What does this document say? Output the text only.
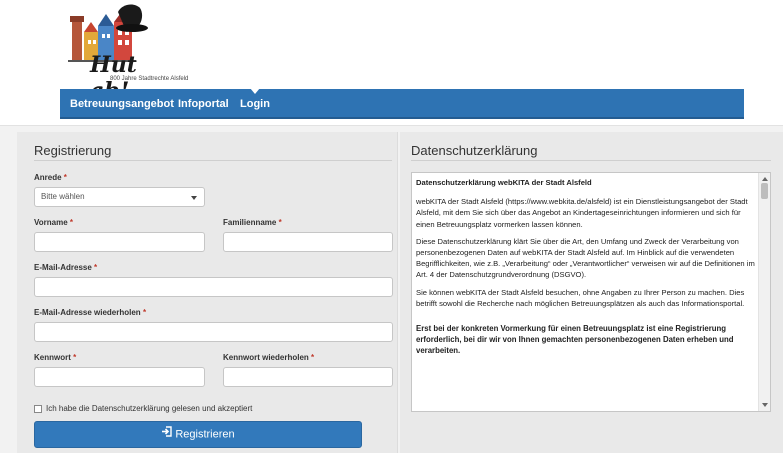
Hut
800 Jahre Stadtrechte Alsfeld
Betreuungsangebot Infoportal Login
Registrierung
Anrede *
Bitte wählen
Vorname *	Familienname *
E-Mail-Adresse *
E-Mail-Adresse wiederholen *
Kennwort *	Kennwort wiederholen *
Ich habe die Datenschutzerklärung gelesen und akzeptiert
Registrieren
Datenschutzerklärung

Datenschutzerklärung webKITA der Stadt Alsfeld

webKITA der Stadt Alsfeld (https://www.webkita.de/alsfeld) ist ein Dienstleistungsangebot der Stadt Alsfeld, mit dem Sie sich über das Angebot an Kindertageseinrichtungen informieren und sich für einen Betreuungsplatz vormerken lassen können.

Diese Datenschutzerklärung klärt Sie über die Art, den Umfang und Zweck der Verarbeitung von personenbezogenen Daten auf webKITA der Stadt Alsfeld auf. Im Hinblick auf die verwendeten Begrifflichkeiten, wie z.B. „Verarbeitung“ oder „Verantwortlicher“ verweisen wir auf die Definitionen im Art. 4 der Datenschutzgrundverordnung (DSGVO).

Sie können webKITA der Stadt Alsfeld besuchen, ohne Angaben zu Ihrer Person zu machen. Dies betrifft sowohl die Recherche nach möglichen Betreuungsplätzen als auch das Informationsportal.

Erst bei der konkreten Vormerkung für einen Betreuungsplatz ist eine Registrierung erforderlich, bei dir wir von Ihnen gemachten personenbezogenen Daten erheben und verarbeiten.
